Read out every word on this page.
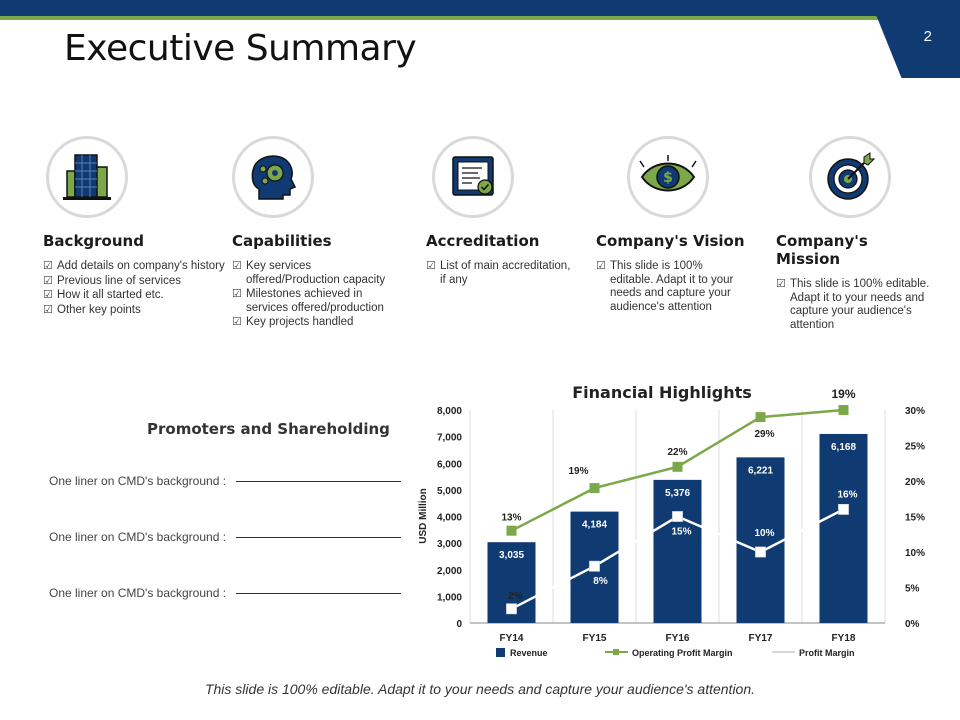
2
Executive Summary
Background
☑ Add details on company's history
☑ Previous line of services
☑ How it all started etc.
☑ Other key points
Capabilities
☑ Key services offered/Production capacity
☑ Milestones achieved in services offered/production
☑ Key projects handled
Accreditation
☑ List of main accreditation, if any
$
Company's Vision
☑ This slide is 100% editable. Adapt it to your needs and capture your audience's attention
Company's Mission
☑ This slide is 100% editable. Adapt it to your needs and capture your audience's attention
Promoters and Shareholding
One liner on CMD's background :
One liner on CMD's background :
One liner on CMD's background :
Financial Highlights
0
1,000
2,000
3,000
4,000
5,000
6,000
7,000
8,000
0%
5%
10%
15%
20%
25%
30%
USD Million
3,035
4,184
5,376
6,221
6,168
FY14	FY15	FY16	FY17	FY18
13%
19%
22%
29%
19%
2%
8%
15%	10%
16%
Revenue	Operating Profit Margin	Profit Margin
This slide is 100% editable. Adapt it to your needs and capture your audience's attention.
